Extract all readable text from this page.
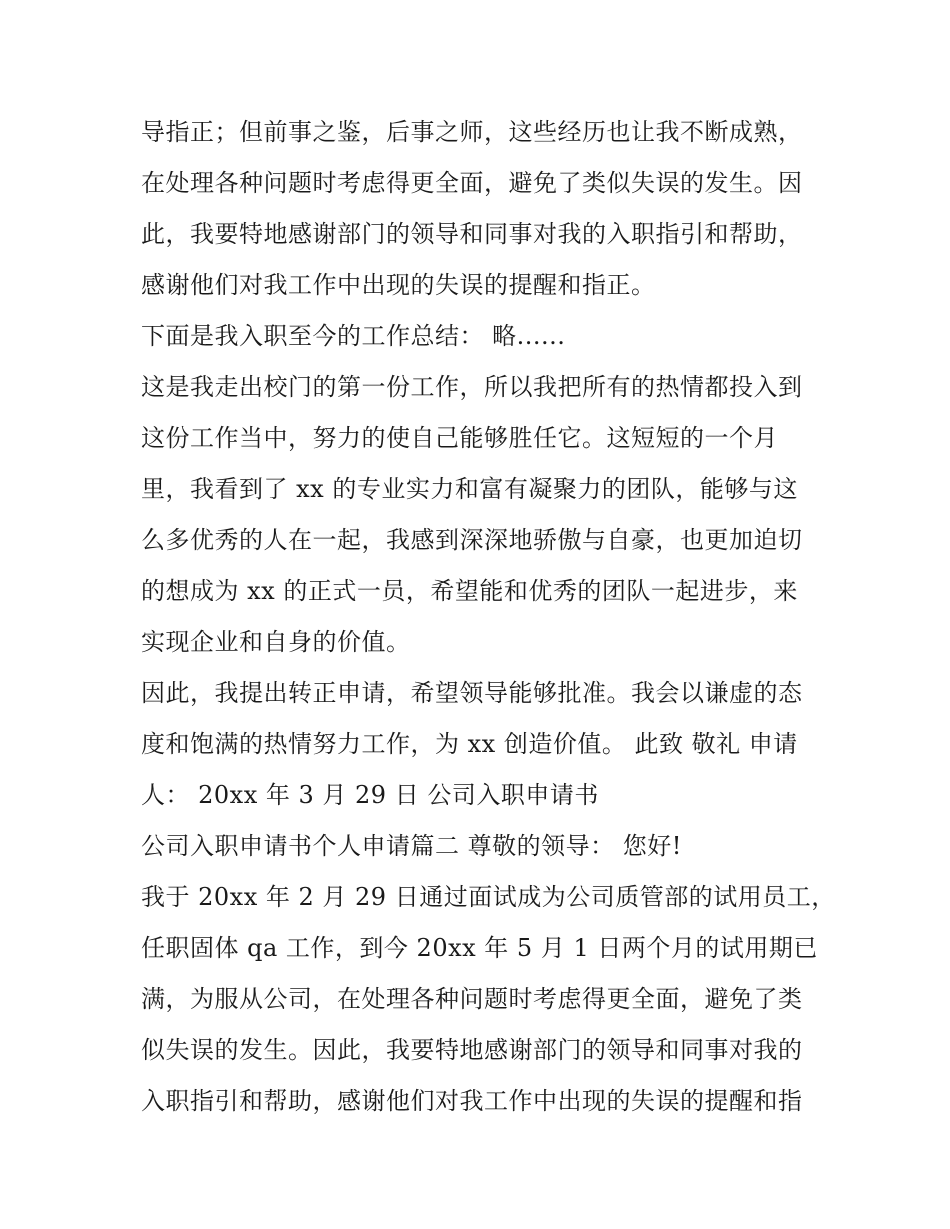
导指正；但前事之鉴，后事之师，这些经历也让我不断成熟，
在处理各种问题时考虑得更全面，避免了类似失误的发生。因
此，我要特地感谢部门的领导和同事对我的入职指引和帮助，
感谢他们对我工作中出现的失误的提醒和指正。
下面是我入职至今的工作总结： 略......
这是我走出校门的第一份工作，所以我把所有的热情都投入到
这份工作当中，努力的使自己能够胜任它。这短短的一个月
里，我看到了 xx 的专业实力和富有凝聚力的团队，能够与这
么多优秀的人在一起，我感到深深地骄傲与自豪，也更加迫切
的想成为 xx 的正式一员，希望能和优秀的团队一起进步，来
实现企业和自身的价值。
因此，我提出转正申请，希望领导能够批准。我会以谦虚的态
度和饱满的热情努力工作，为 xx 创造价值。 此致 敬礼 申请
人： 20xx 年 3 月 29 日 公司入职申请书
公司入职申请书个人申请篇二 尊敬的领导： 您好!
我于 20xx 年 2 月 29 日通过面试成为公司质管部的试用员工，
任职固体 qa 工作，到今 20xx 年 5 月 1 日两个月的试用期已
满，为服从公司，在处理各种问题时考虑得更全面，避免了类
似失误的发生。因此，我要特地感谢部门的领导和同事对我的
入职指引和帮助，感谢他们对我工作中出现的失误的提醒和指
